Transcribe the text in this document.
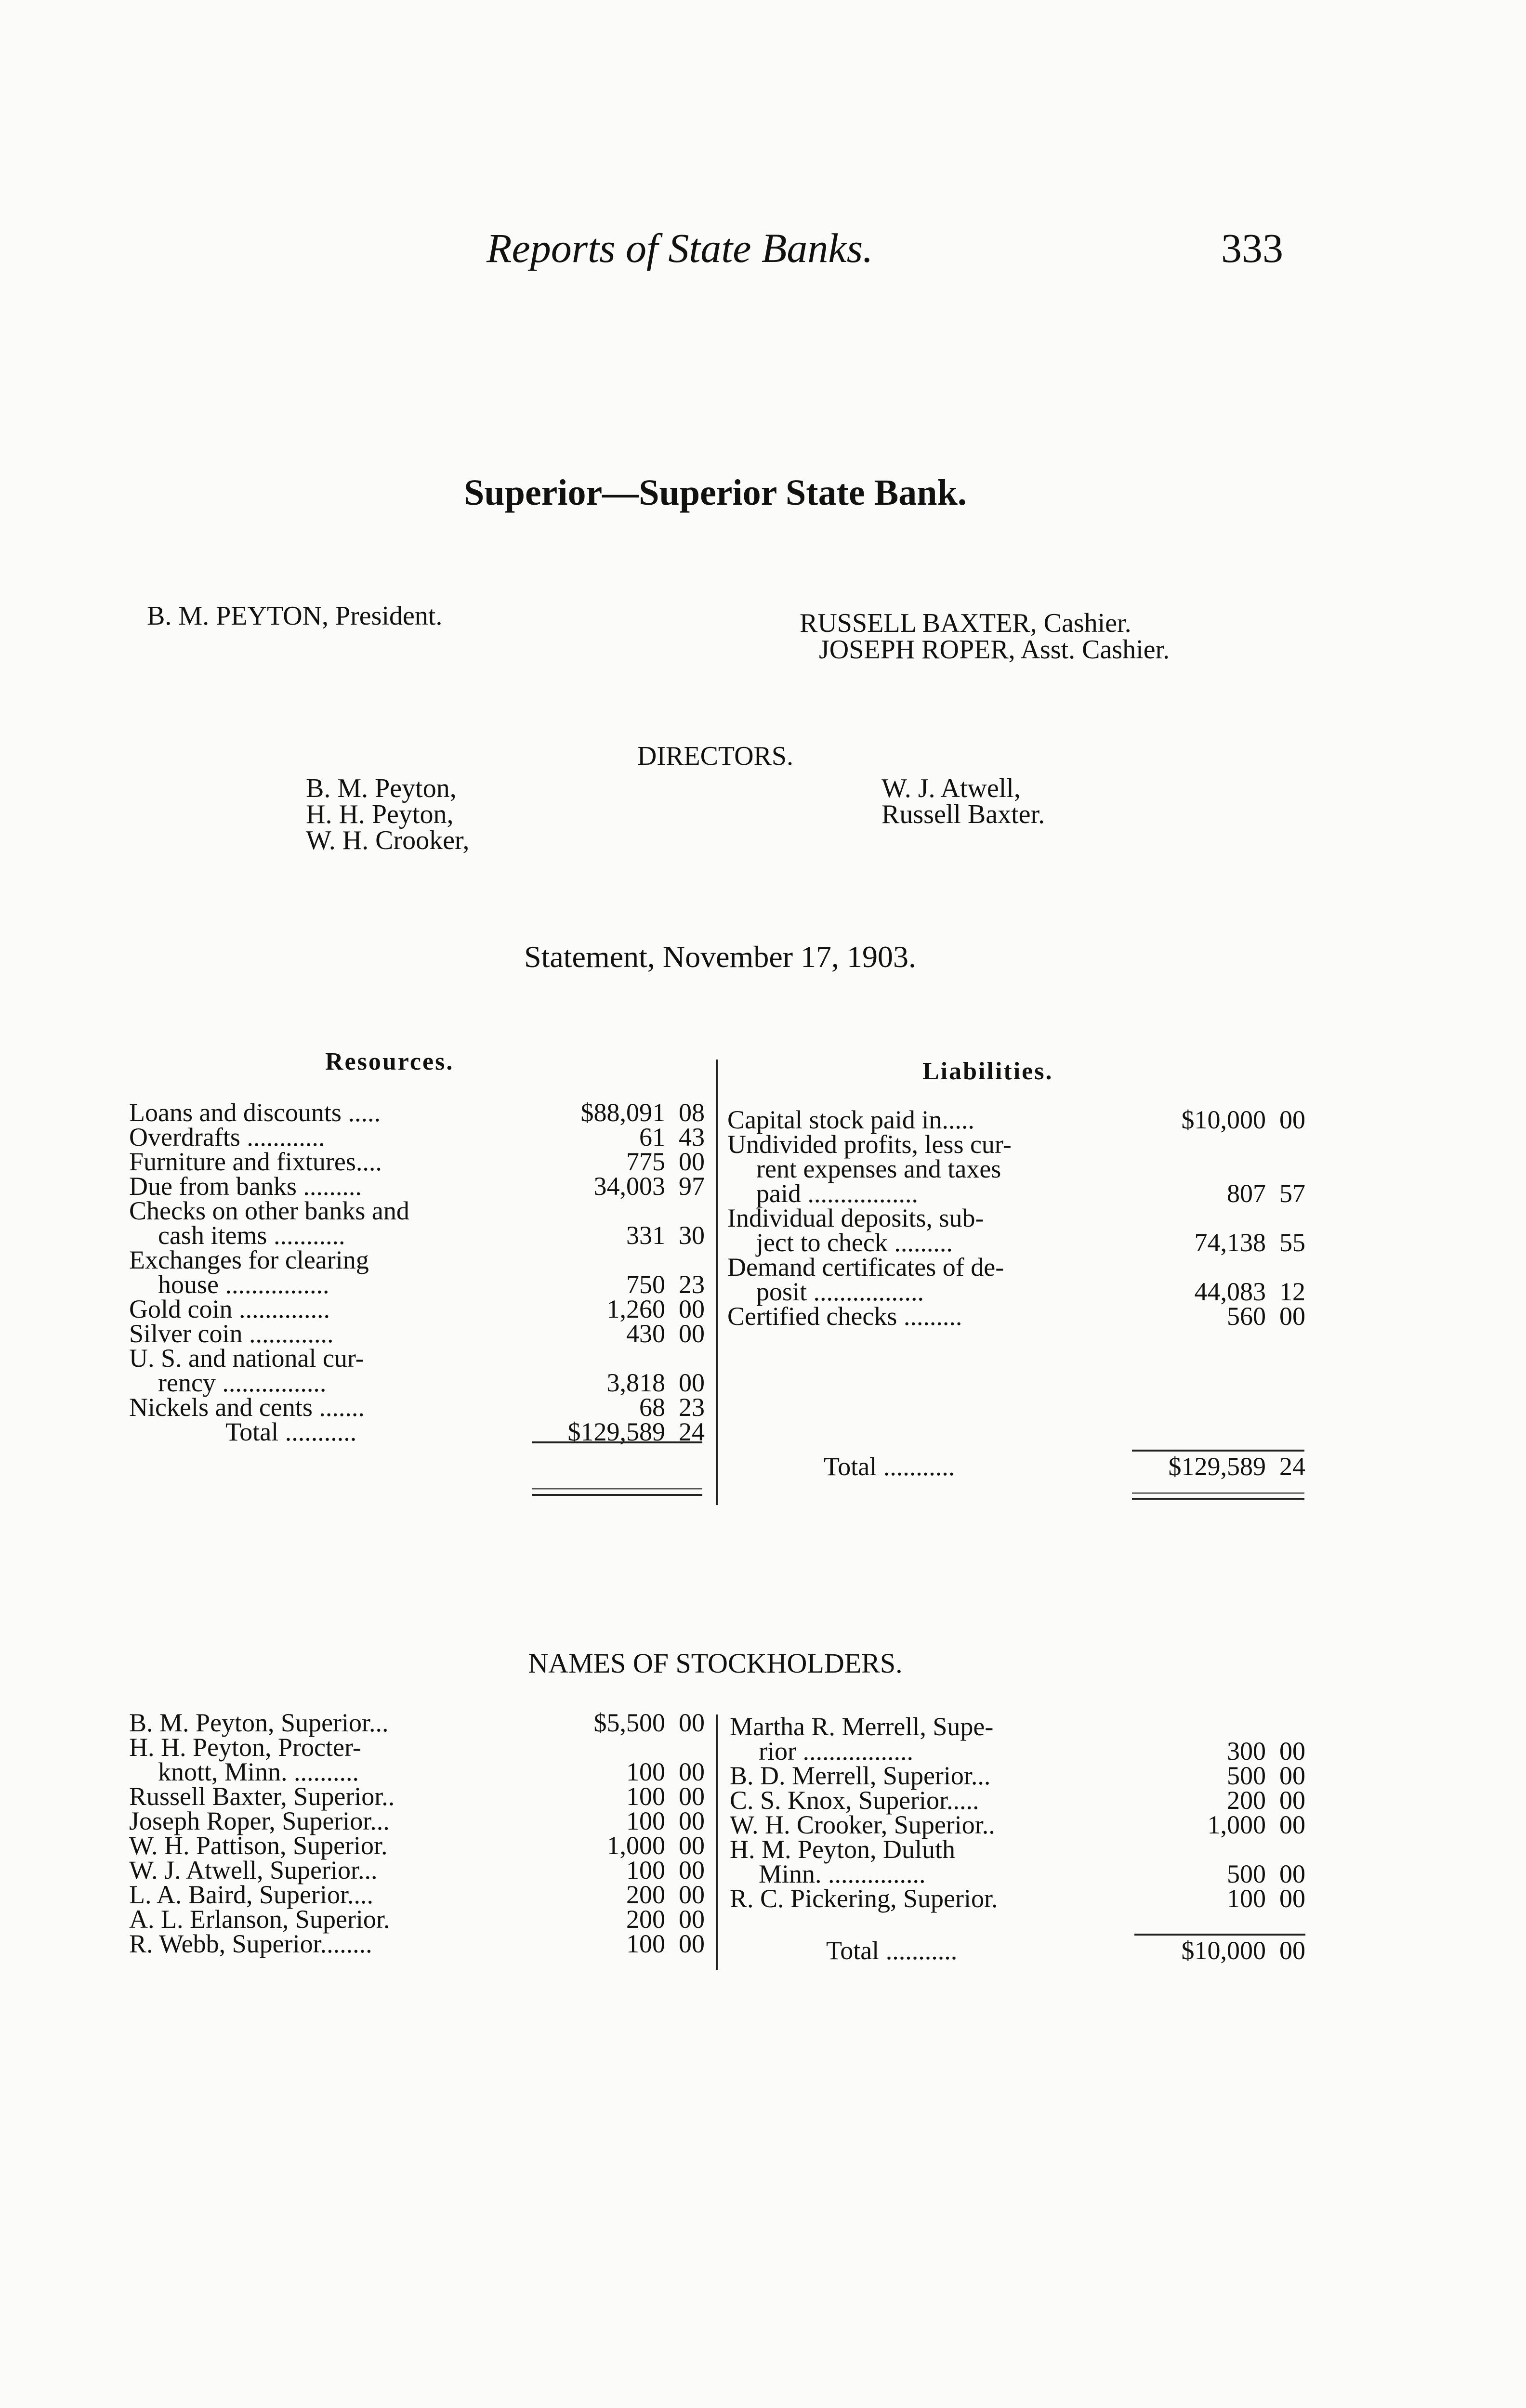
Reports of State Banks.	333
Superior—Superior State Bank.
B. M. PEYTON, President.	RUSSELL BAXTER, Cashier.
JOSEPH ROPER, Asst. Cashier.
DIRECTORS.
B. M. Peyton,
H. H. Peyton,
W. H. Crooker,
W. J. Atwell,
Russell Baxter.
Statement, November 17, 1903.
Resources.	Liabilities.
Loans and discounts .....	$88,091	08
Overdrafts ............	61	43
Furniture and fixtures....	775	00
Due from banks .........	34,003	97
Checks on other banks and		
cash items ...........	331	30
Exchanges for clearing		
house ................	750	23
Gold coin ..............	1,260	00
Silver coin .............	430	00
U. S. and national cur-		
rency ................	3,818	00
Nickels and cents .......	68	23
Total ...........	$129,589	24
Capital stock paid in.....	$10,000	00
Undivided profits, less cur-		
rent expenses and taxes		
paid .................	807	57
Individual deposits, sub-		
ject to check .........	74,138	55
Demand certificates of de-		
posit .................	44,083	12
Certified checks .........	560	00
Total ...........	$129,589	24
NAMES OF STOCKHOLDERS.
B. M. Peyton, Superior...	$5,500	00
H. H. Peyton, Procter-		
knott, Minn. ..........	100	00
Russell Baxter, Superior..	100	00
Joseph Roper, Superior...	100	00
W. H. Pattison, Superior.	1,000	00
W. J. Atwell, Superior...	100	00
L. A. Baird, Superior....	200	00
A. L. Erlanson, Superior.	200	00
R. Webb, Superior........	100	00
Martha R. Merrell, Supe-		
rior .................	300	00
B. D. Merrell, Superior...	500	00
C. S. Knox, Superior.....	200	00
W. H. Crooker, Superior..	1,000	00
H. M. Peyton, Duluth		
Minn. ...............	500	00
R. C. Pickering, Superior.	100	00
Total ...........	$10,000	00
